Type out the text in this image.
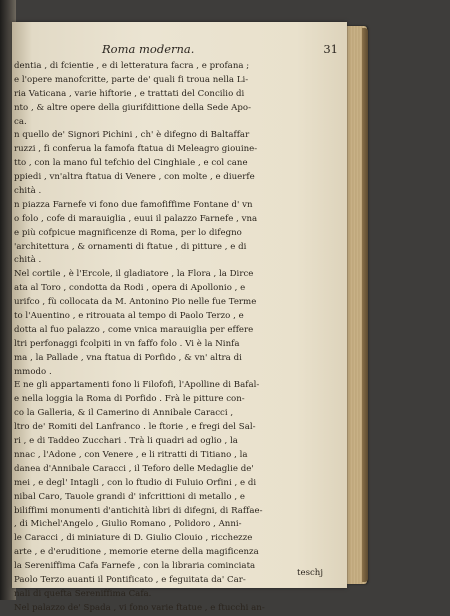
Roma moderna.	31
dentia , di fcientie , e di letteratura facra , e profana ;
e l'opere manofcritte, parte de' quali fi troua nella Li-
ria Vaticana , varie hiftorie , e trattati del Concilio di
nto , & altre opere della giurifdittione della Sede Apo-
ca.
n quello de' Signori Pichini , ch' è difegno di Baltaffar
ruzzi , fi conferua la famofa ftatua di Meleagro giouine-
tto , con la mano ful tefchio del Cinghiale , e col cane
ppiedi , vn'altra ftatua di Venere , con molte , e diuerfe
chità .
n piazza Farnefe vi fono due famofiffime Fontane d' vn
o folo , cofe di marauiglia , euui il palazzo Farnefe , vna
e più cofpicue magnificenze di Roma, per lo difegno
'architettura , & ornamenti di ftatue , di pitture , e di
chità .
Nel cortile , è l'Ercole, il gladiatore , la Flora , la Dirce
ata al Toro , condotta da Rodi , opera di Apollonio , e
urifco , fù collocata da M. Antonino Pio nelle fue Terme
to l'Auentino , e ritrouata al tempo di Paolo Terzo , e
dotta al fuo palazzo , come vnica marauiglia per effere
ltri perfonaggi fcolpiti in vn faffo folo . Vi è la Ninfa
ma , la Pallade , vna ftatua di Porfido , & vn' altra di
mmodo .
E ne gli appartamenti fono li Filofofi, l'Apolline di Bafal-
e nella loggia la Roma di Porfido . Frà le pitture con-
co la Galleria, & il Camerino di Annibale Caracci ,
ltro de' Romiti del Lanfranco . le ftorie , e fregi del Sal-
ri , e di Taddeo Zucchari . Trà li quadri ad oglio , la
nnac , l'Adone , con Venere , e li ritratti di Titiano , la
danea d'Annibale Caracci , il Teforo delle Medaglie de'
mei , e degl' Intagli , con lo ftudio di Fuluio Orfini , e di
nibal Caro, Tauole grandi d' infcrittioni di metallo , e
biliffimi monumenti d'antichità libri di difegni, di Raffae-
, di Michel'Angelo , Giulio Romano , Polidoro , Anni-
le Caracci , di miniature di D. Giulio Clouio , ricchezze
arte , e d'eruditione , memorie eterne della magificenza
la Sereniffima Cafa Farnefe , con la libraria cominciata
Paolo Terzo auanti il Pontificato , e feguitata da' Car-
nali di quefta Sereniffima Cafa.
Nel palazzo de' Spada , vi fono varie ftatue , e ftucchi an-
teschj
